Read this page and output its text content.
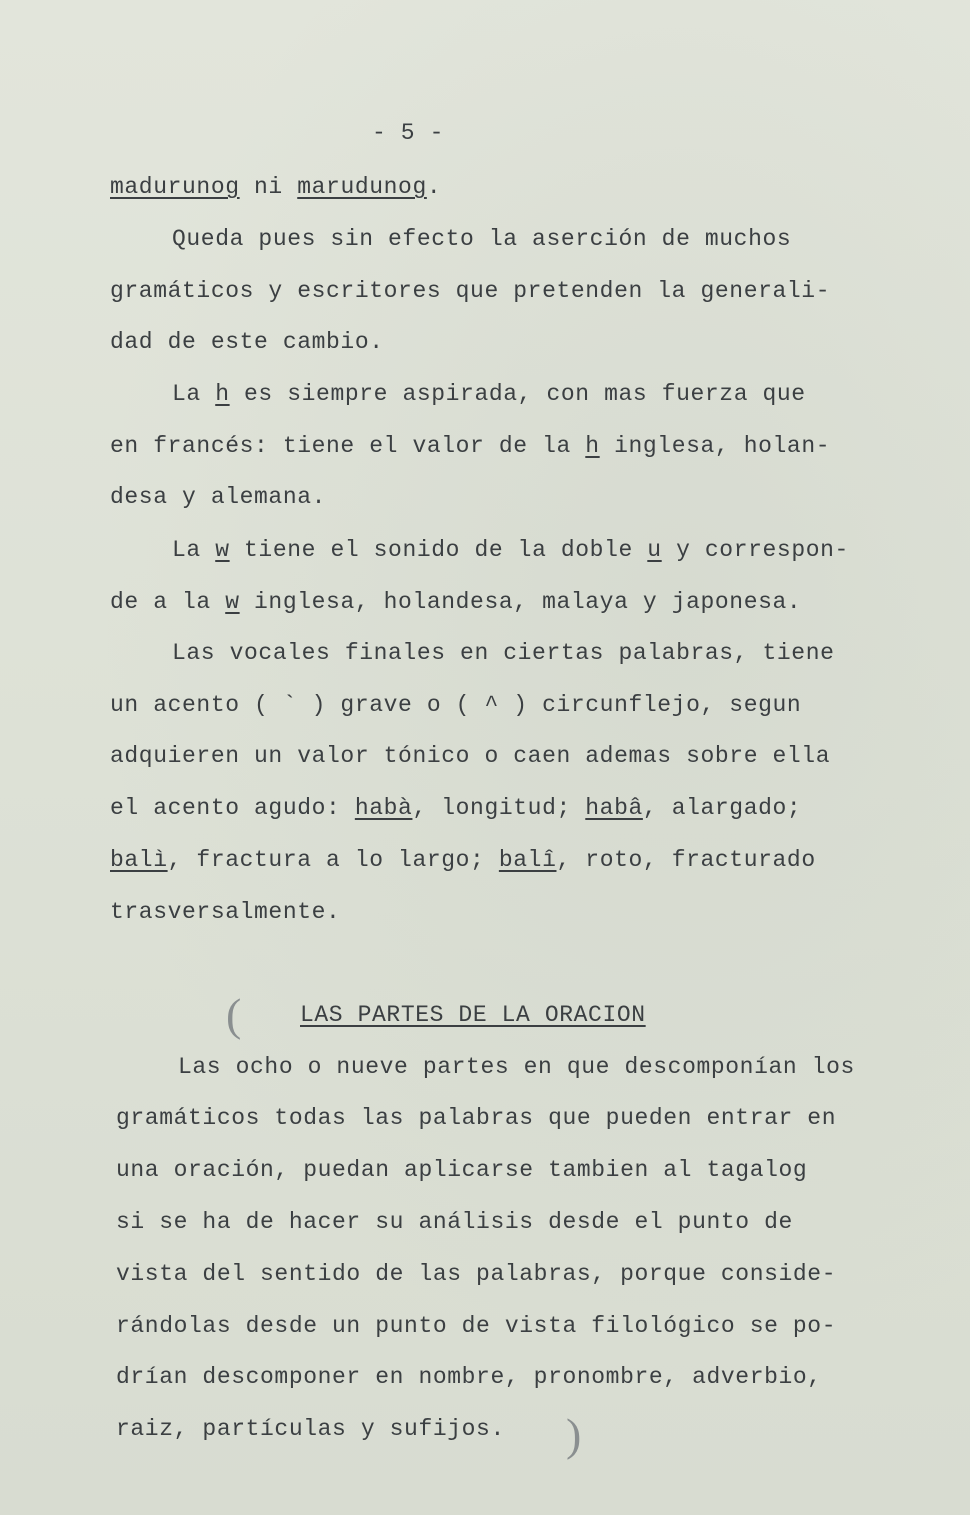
- 5 -
madurunog ni marudunog.
Queda pues sin efecto la aserción de muchos
gramáticos y escritores que pretenden la generali-
dad de este cambio.
La h es siempre aspirada, con mas fuerza que
en francés: tiene el valor de la h inglesa, holan-
desa y alemana.
La w tiene el sonido de la doble u y correspon-
de a la w inglesa, holandesa, malaya y japonesa.
Las vocales finales en ciertas palabras, tiene
un acento ( ` ) grave o ( ^ ) circunflejo, segun
adquieren un valor tónico o caen ademas sobre ella
el acento agudo: habà, longitud; habâ, alargado;
balì, fractura a lo largo; balî, roto, fracturado
trasversalmente.
(	LAS PARTES DE LA ORACION
Las ocho o nueve partes en que descomponían los
gramáticos todas las palabras que pueden entrar en
una oración, puedan aplicarse tambien al tagalog
si se ha de hacer su análisis desde el punto de
vista del sentido de las palabras, porque conside-
rándolas desde un punto de vista filológico se po-
drían descomponer en nombre, pronombre, adverbio,
raiz, partículas y sufijos. )
